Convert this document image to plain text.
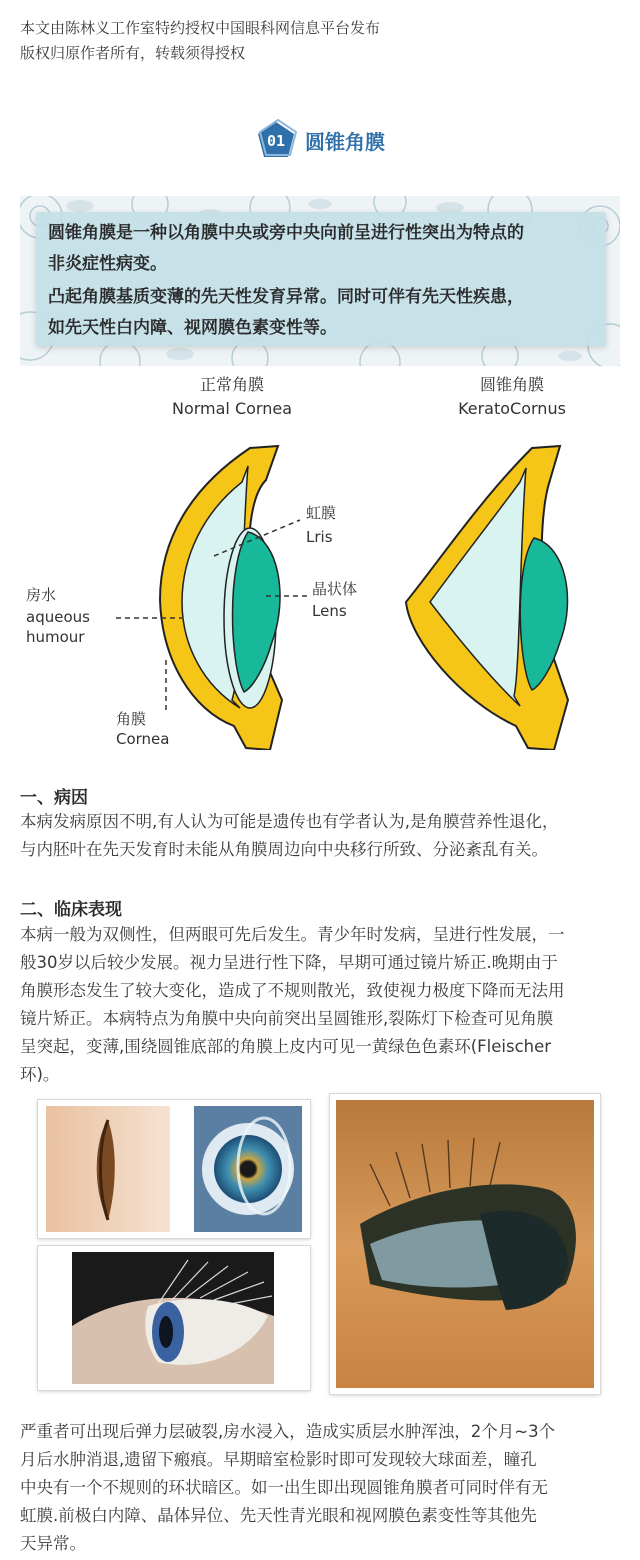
本文由陈林义工作室特约授权中国眼科网信息平台发布
版权归原作者所有，转载须得授权
01 圆锥角膜

圆锥角膜是一种以角膜中央或旁中央向前呈进行性突出为特点的

非炎症性病变。

凸起角膜基质变薄的先天性发育异常。同时可伴有先天性疾患，

如先天性白内障、视网膜色素变性等。

正常角膜
Normal Cornea
圆锥角膜
KeratoCornus
虹膜
Lris
晶状体
Lens
房水
aqueous
humour
角膜
Cornea
一、病因
本病发病原因不明,有人认为可能是遗传也有学者认为,是角膜营养性退化，
与内胚叶在先天发育时未能从角膜周边向中央移行所致、分泌紊乱有关。
二、临床表现
本病一般为双侧性，但两眼可先后发生。青少年时发病，呈进行性发展，一
般30岁以后较少发展。视力呈进行性下降，早期可通过镜片矫正.晚期由于
角膜形态发生了较大变化，造成了不规则散光，致使视力极度下降而无法用
镜片矫正。本病特点为角膜中央向前突出呈圆锥形,裂陈灯下检查可见角膜
呈突起，变薄,围绕圆锥底部的角膜上皮内可见一黄绿色色素环(Fleischer
环)。
严重者可出现后弹力层破裂,房水浸入，造成实质层水肿浑浊，2个月~3个
月后水肿消退,遗留下瘢痕。早期暗室检影时即可发现较大球面差，瞳孔
中央有一个不规则的环状暗区。如一出生即出现圆锥角膜者可同时伴有无
虹膜.前极白内障、晶体异位、先天性青光眼和视网膜色素变性等其他先
天异常。
